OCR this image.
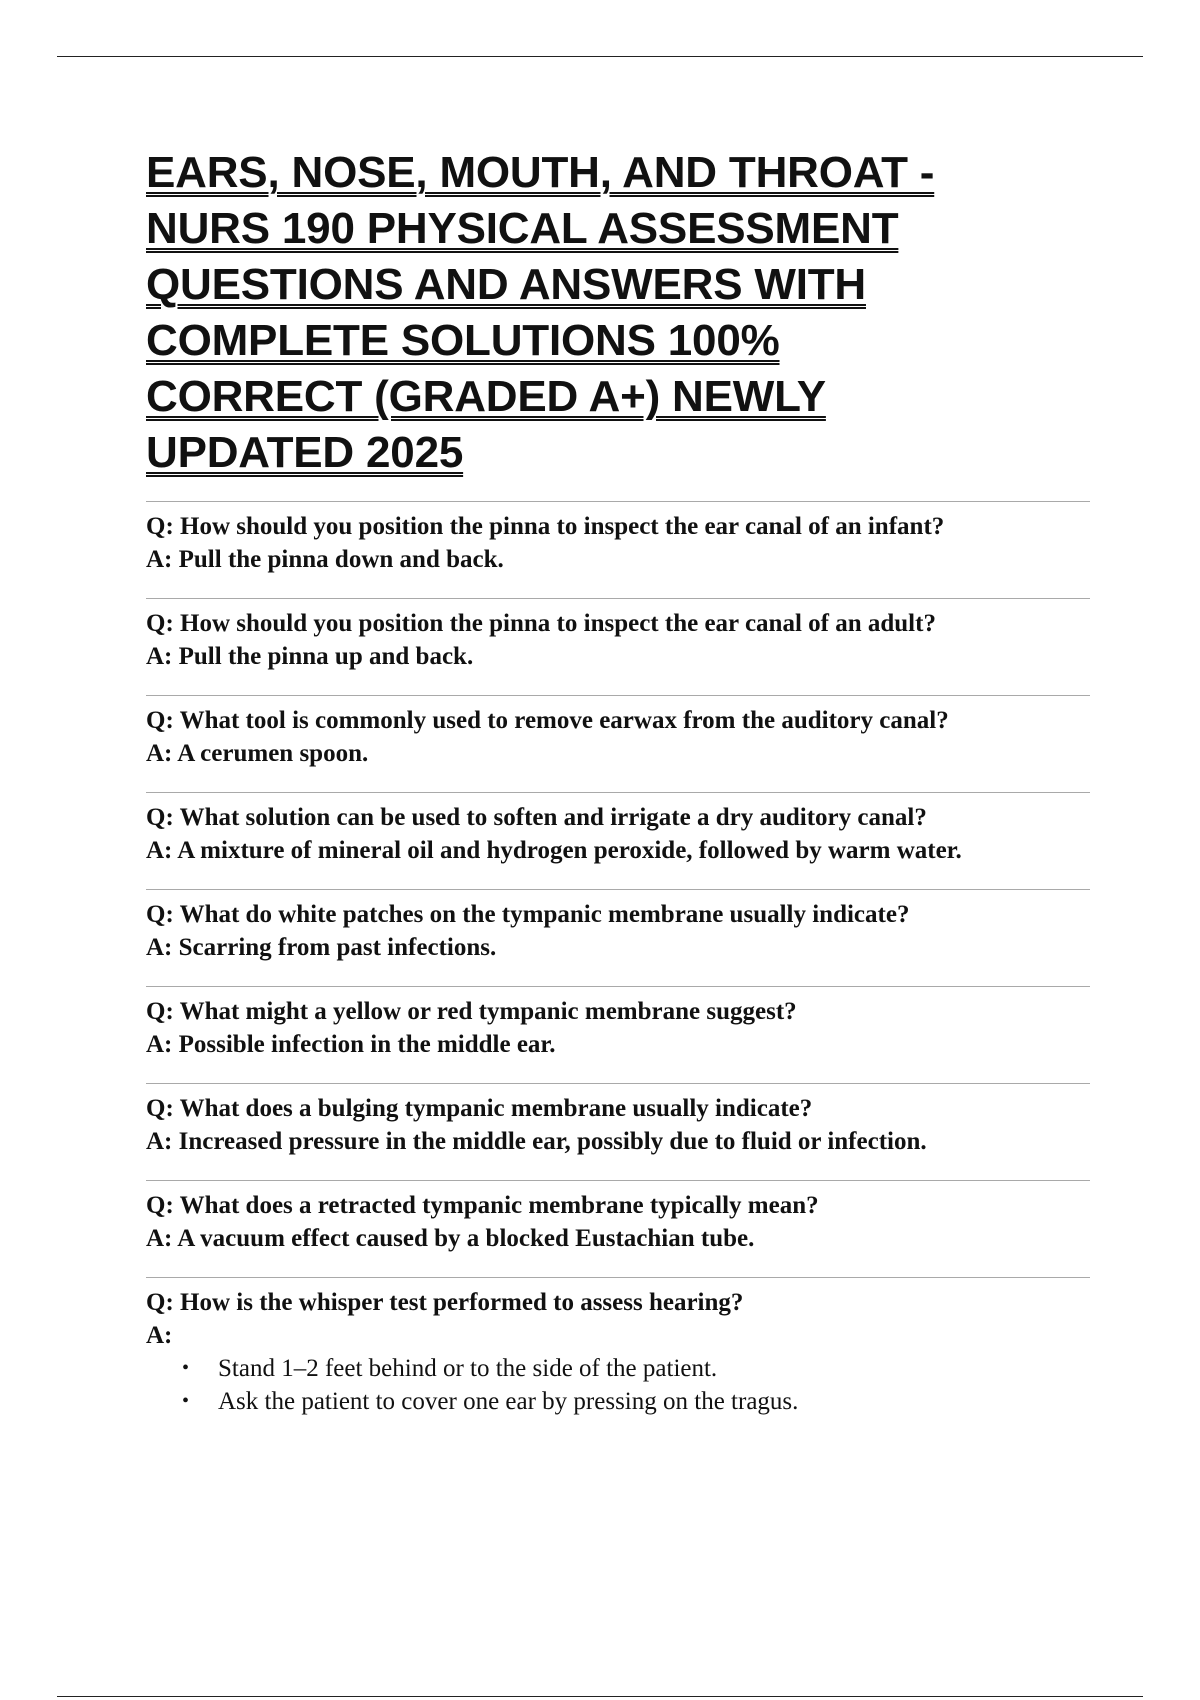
EARS, NOSE, MOUTH, AND THROAT -
NURS 190 PHYSICAL ASSESSMENT
QUESTIONS AND ANSWERS WITH
COMPLETE SOLUTIONS 100%
CORRECT (GRADED A+) NEWLY
UPDATED 2025
Q: How should you position the pinna to inspect the ear canal of an infant?
A: Pull the pinna down and back.
Q: How should you position the pinna to inspect the ear canal of an adult?
A: Pull the pinna up and back.
Q: What tool is commonly used to remove earwax from the auditory canal?
A: A cerumen spoon.
Q: What solution can be used to soften and irrigate a dry auditory canal?
A: A mixture of mineral oil and hydrogen peroxide, followed by warm water.
Q: What do white patches on the tympanic membrane usually indicate?
A: Scarring from past infections.
Q: What might a yellow or red tympanic membrane suggest?
A: Possible infection in the middle ear.
Q: What does a bulging tympanic membrane usually indicate?
A: Increased pressure in the middle ear, possibly due to fluid or infection.
Q: What does a retracted tympanic membrane typically mean?
A: A vacuum effect caused by a blocked Eustachian tube.
Q: How is the whisper test performed to assess hearing?
A:
• Stand 1–2 feet behind or to the side of the patient.
• Ask the patient to cover one ear by pressing on the tragus.
